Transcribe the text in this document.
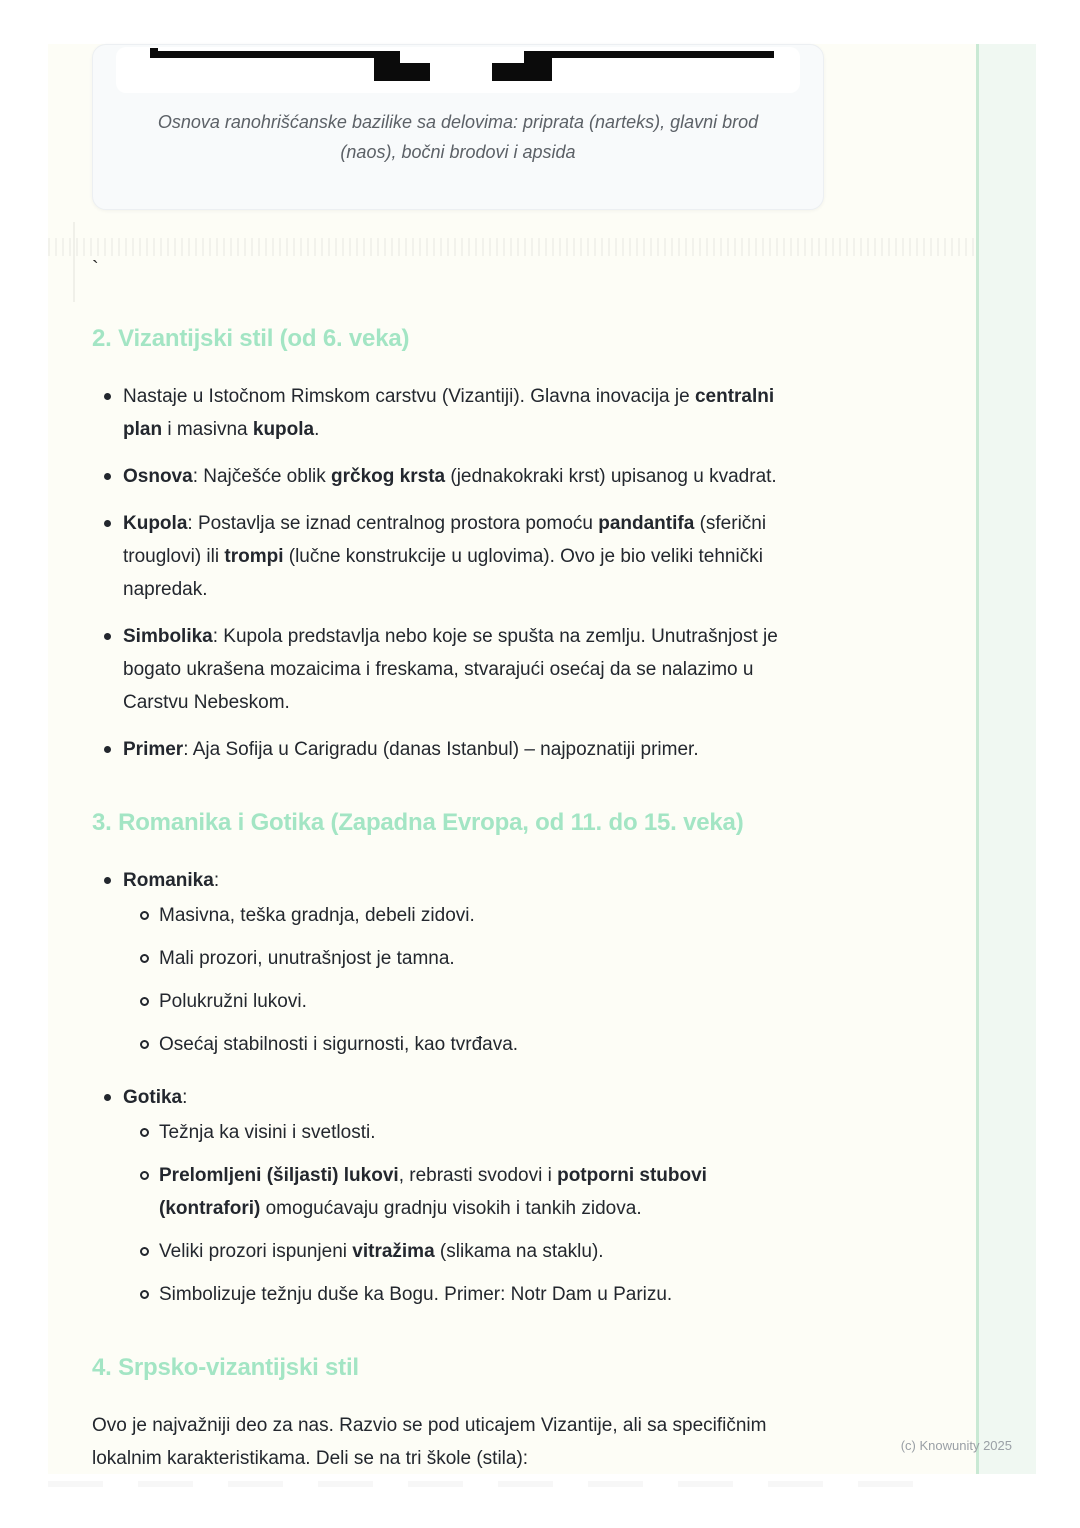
Osnova ranohrišćanske bazilike sa delovima: priprata (narteks), glavni brod (naos), bočni brodovi i apsida
`
2. Vizantijski stil (od 6. veka)

Nastaje u Istočnom Rimskom carstvu (Vizantiji). Glavna inovacija je centralni plan i masivna kupola.

Osnova: Najčešće oblik grčkog krsta (jednakokraki krst) upisanog u kvadrat.

Kupola: Postavlja se iznad centralnog prostora pomoću pandantifa (sferični trouglovi) ili trompi (lučne konstrukcije u uglovima). Ovo je bio veliki tehnički napredak.

Simbolika: Kupola predstavlja nebo koje se spušta na zemlju. Unutrašnjost je bogato ukrašena mozaicima i freskama, stvarajući osećaj da se nalazimo u Carstvu Nebeskom.

Primer: Aja Sofija u Carigradu (danas Istanbul) – najpoznatiji primer.

3. Romanika i Gotika (Zapadna Evropa, od 11. do 15. veka)

Romanika:

Masivna, teška gradnja, debeli zidovi.

Mali prozori, unutrašnjost je tamna.

Polukružni lukovi.

Osećaj stabilnosti i sigurnosti, kao tvrđava.

Gotika:

Težnja ka visini i svetlosti.

Prelomljeni (šiljasti) lukovi, rebrasti svodovi i potporni stubovi (kontrafori) omogućavaju gradnju visokih i tankih zidova.

Veliki prozori ispunjeni vitražima (slikama na staklu).

Simbolizuje težnju duše ka Bogu. Primer: Notr Dam u Parizu.

4. Srpsko-vizantijski stil

Ovo je najvažniji deo za nas. Razvio se pod uticajem Vizantije, ali sa specifičnim lokalnim karakteristikama. Deli se na tri škole (stila):

(c) Knowunity 2025
